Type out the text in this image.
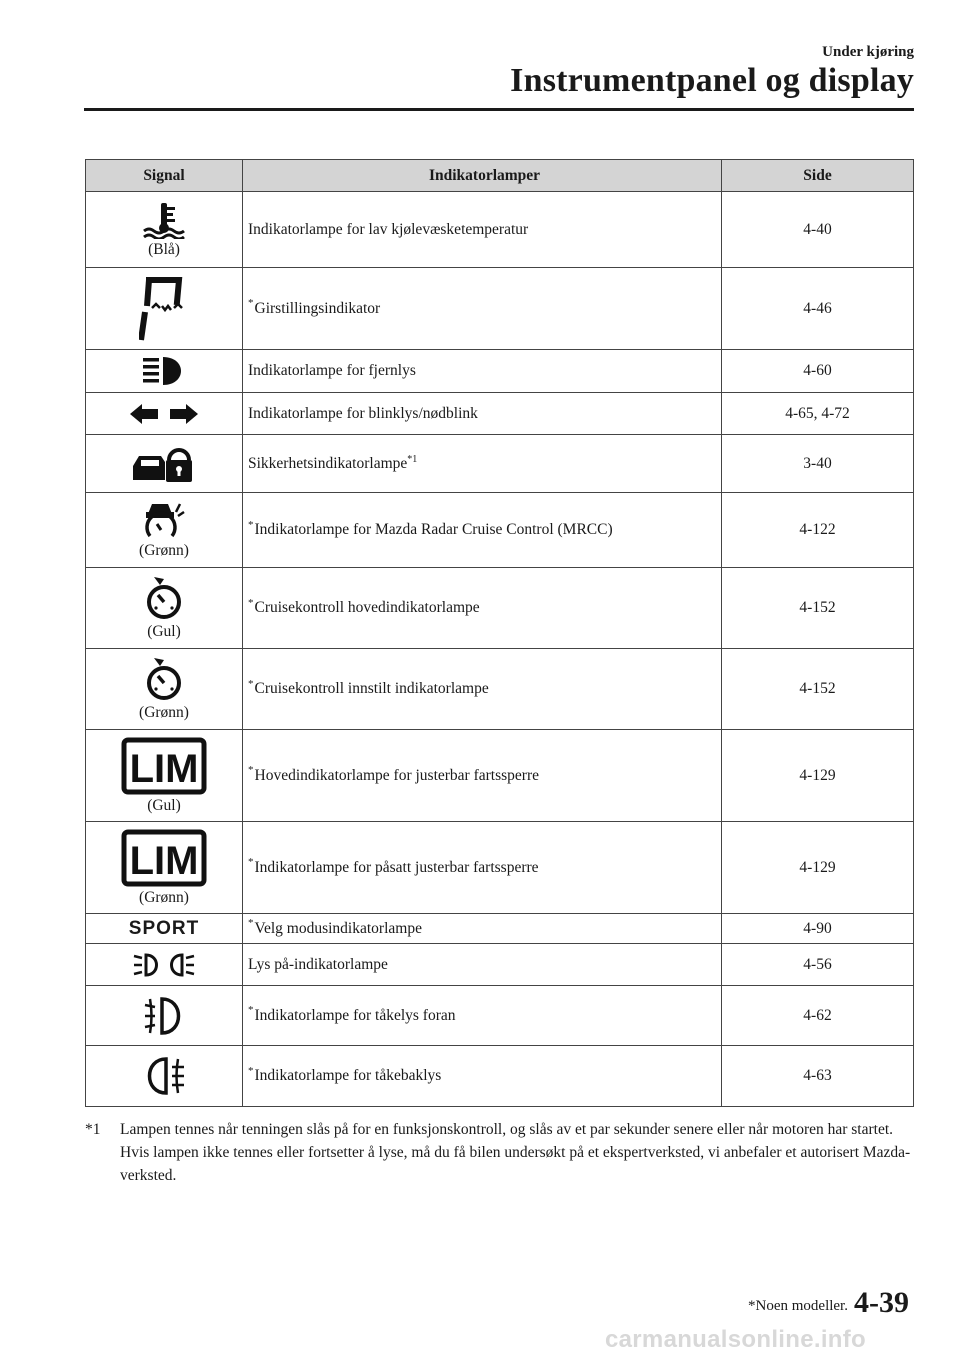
Under kjøring
Instrumentpanel og display
Signal	Indikatorlamper	Side

(Blå)	Indikatorlampe for lav kjølevæsketemperatur	4-40

	*Girstillingsindikator	4-46

	Indikatorlampe for fjernlys	4-60

	Indikatorlampe for blinklys/nødblink	4-65, 4-72

	Sikkerhetsindikatorlampe$^{*1}$	3-40

(Grønn)	*Indikatorlampe for Mazda Radar Cruise Control (MRCC)	4-122

(Gul)	*Cruisekontroll hovedindikatorlampe	4-152

(Grønn)	*Cruisekontroll innstilt indikatorlampe	4-152

LIM
(Gul)	*Hovedindikatorlampe for justerbar fartssperre	4-129

LIM
(Grønn)	*Indikatorlampe for påsatt justerbar fartssperre	4-129

SPORT	*Velg modusindikatorlampe	4-90

	Lys på-indikatorlampe	4-56

	*Indikatorlampe for tåkelys foran	4-62

	*Indikatorlampe for tåkebaklys	4-63
*1	Lampen tennes når tenningen slås på for en funksjonskontroll, og slås av et par sekunder senere eller når motoren har startet. Hvis lampen ikke tennes eller fortsetter å lyse, må du få bilen undersøkt på et ekspertverksted, vi anbefaler et autorisert Mazda-verksted.
*Noen modeller. 4-39
carmanualsonline.info
